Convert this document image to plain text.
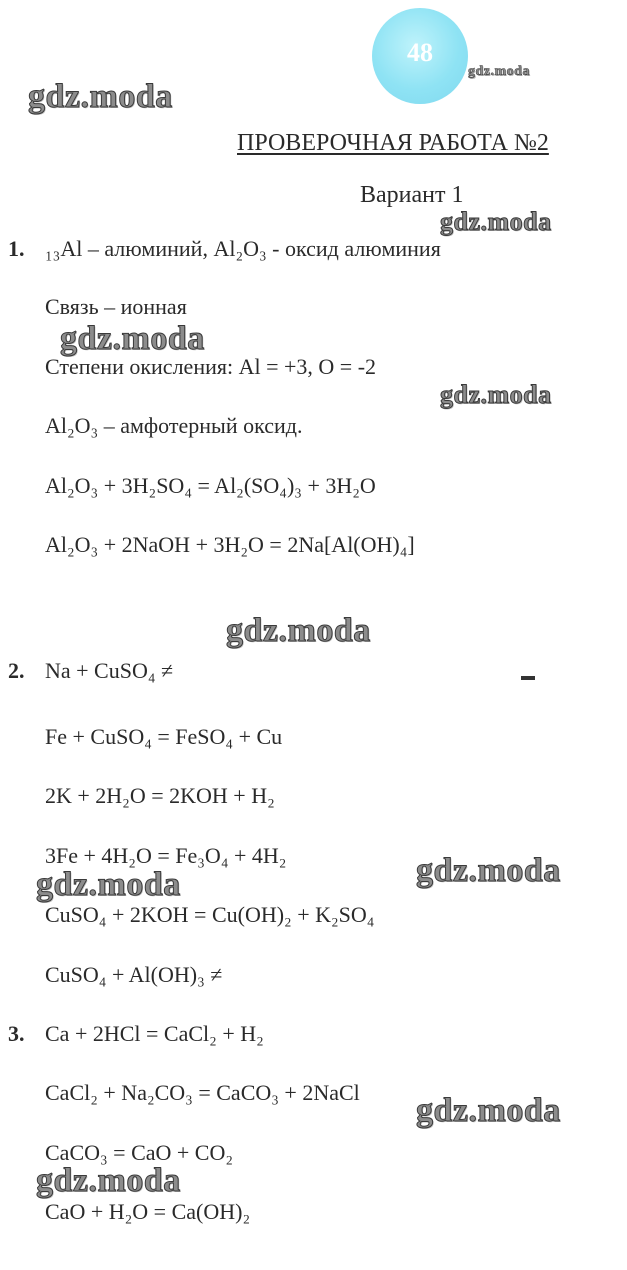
48
gdz.moda
gdz.moda
gdz.moda
gdz.moda
gdz.moda
gdz.moda
gdz.moda
gdz.moda
gdz.moda
gdz.moda
ПРОВЕРОЧНАЯ РАБОТА №2
Вариант 1
1. ₁₃Al – алюминий, Al₂O₃ - оксид алюминия
Связь – ионная
Степени окисления: Al = +3, O = -2
Al₂O₃ – амфотерный оксид.
Al₂O₃ + 3H₂SO₄ = Al₂(SO₄)₃ + 3H₂O
Al₂O₃ + 2NaOH + 3H₂O = 2Na[Al(OH)₄]
2. Na + CuSO₄ ≠
Fe + CuSO₄ = FeSO₄ + Cu
2K + 2H₂O = 2KOH + H₂
3Fe + 4H₂O = Fe₃O₄ + 4H₂
CuSO₄ + 2KOH = Cu(OH)₂ + K₂SO₄
CuSO₄ + Al(OH)₃ ≠
3. Ca + 2HCl = CaCl₂ + H₂
CaCl₂ + Na₂CO₃ = CaCO₃ + 2NaCl
CaCO₃ = CaO + CO₂
CaO + H₂O = Ca(OH)₂
